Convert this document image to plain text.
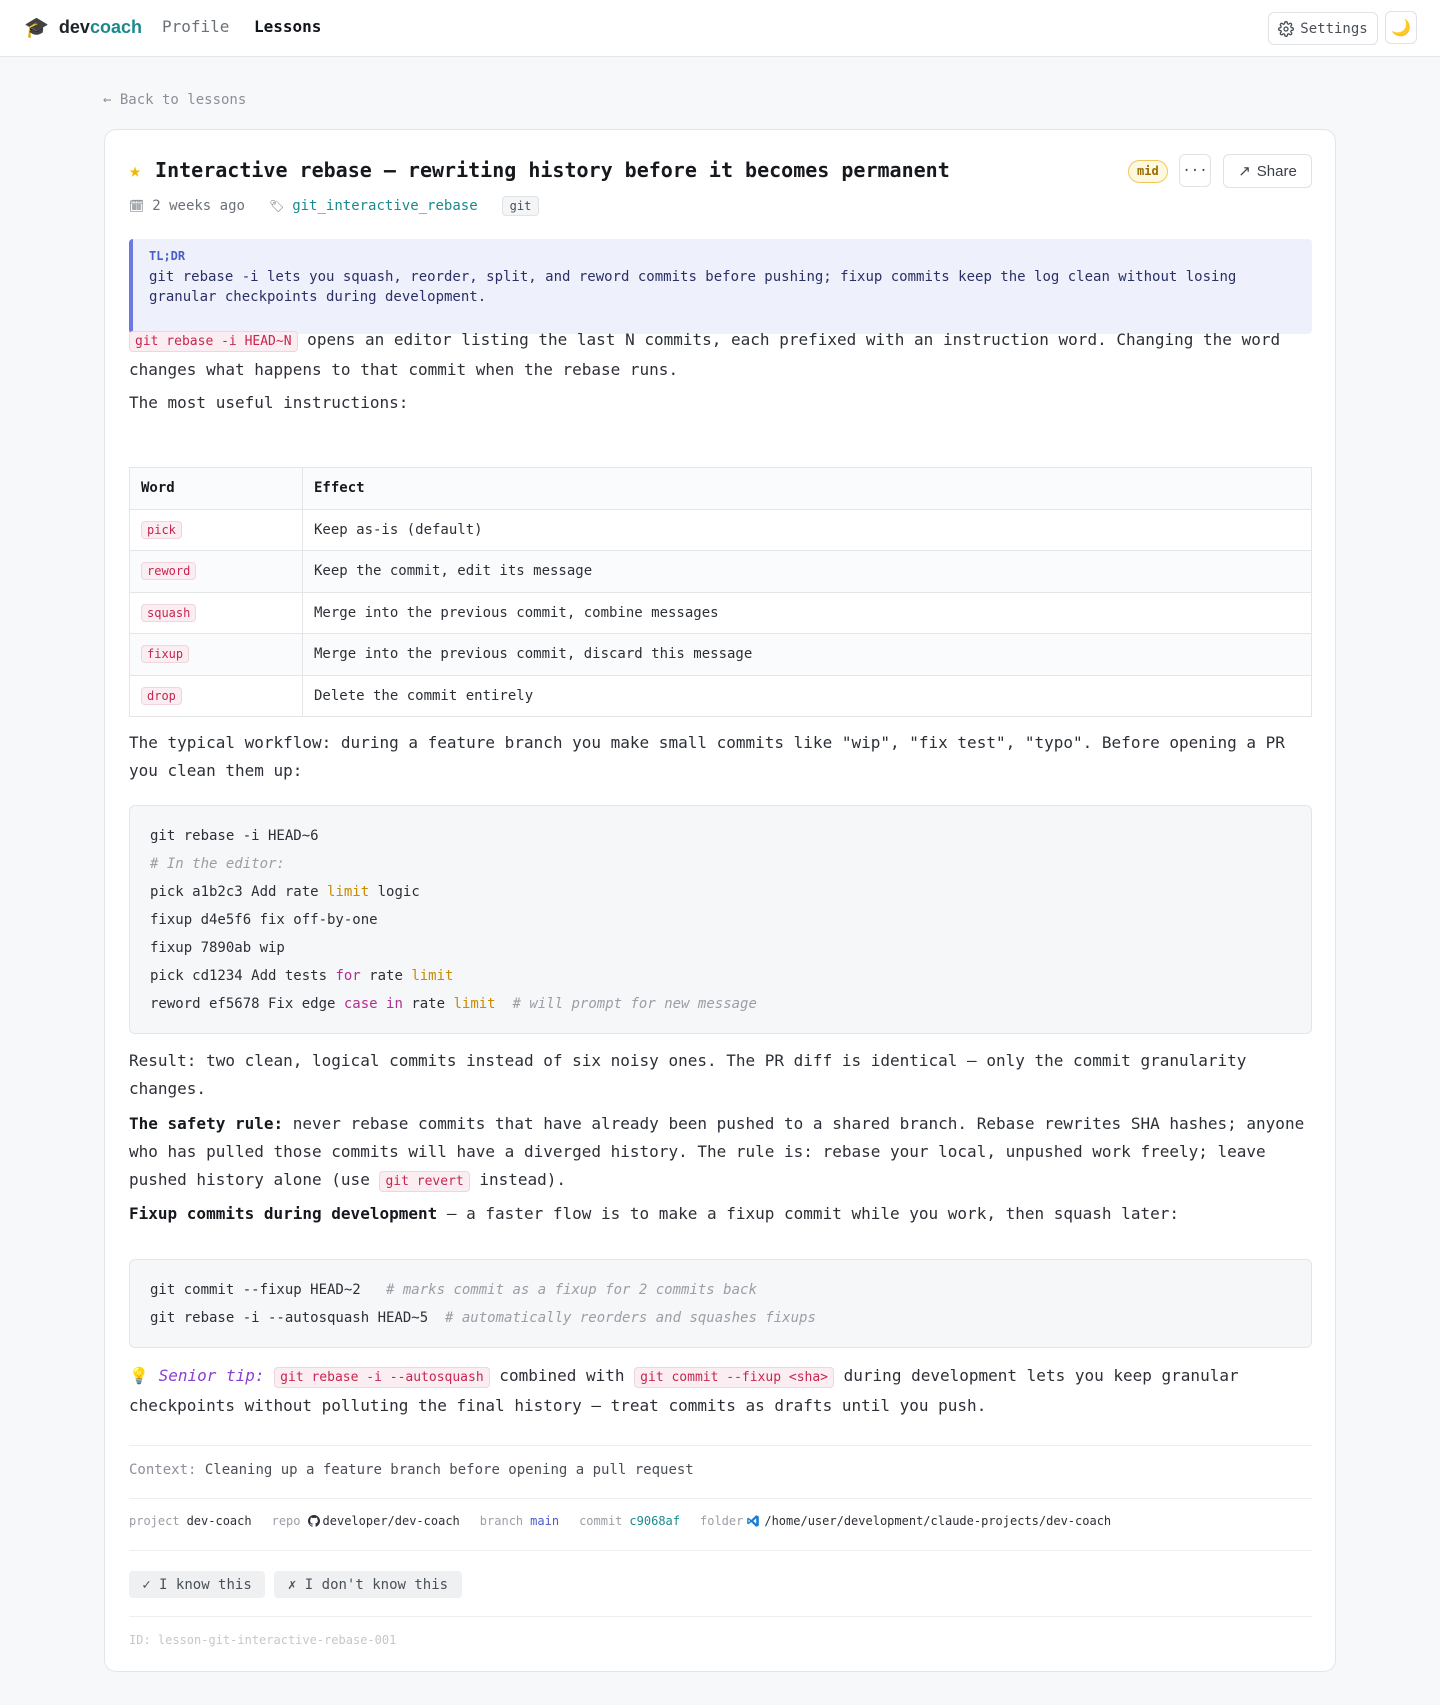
🎓 devcoach Profile Lessons	Settings 🌙
← Back to lessons
★ Interactive rebase — rewriting history before it becomes permanent	mid	··· ↗ Share
🗓 2 weeks ago 🏷 git_interactive_rebase	git
TL;DR
git rebase -i lets you squash, reorder, split, and reword commits before pushing; fixup commits keep the log clean without losing granular checkpoints during development.
git rebase -i HEAD~N opens an editor listing the last N commits, each prefixed with an instruction word. Changing the word changes what happens to that commit when the rebase runs.
The most useful instructions:
Word	Effect
pick	Keep as-is (default)
reword	Keep the commit, edit its message
squash	Merge into the previous commit, combine messages
fixup	Merge into the previous commit, discard this message
drop	Delete the commit entirely
The typical workflow: during a feature branch you make small commits like "wip", "fix test", "typo". Before opening a PR you clean them up:
git rebase -i HEAD~6
# In the editor:
pick a1b2c3 Add rate limit logic
fixup d4e5f6 fix off-by-one
fixup 7890ab wip
pick cd1234 Add tests for rate limit
reword ef5678 Fix edge case in rate limit # will prompt for new message
Result: two clean, logical commits instead of six noisy ones. The PR diff is identical — only the commit granularity changes.
The safety rule: never rebase commits that have already been pushed to a shared branch. Rebase rewrites SHA hashes; anyone who has pulled those commits will have a diverged history. The rule is: rebase your local, unpushed work freely; leave pushed history alone (use git revert instead).
Fixup commits during development — a faster flow is to make a fixup commit while you work, then squash later:
git commit --fixup HEAD~2 # marks commit as a fixup for 2 commits back
git rebase -i --autosquash HEAD~5 # automatically reorders and squashes fixups
💡 Senior tip: git rebase -i --autosquash combined with git commit --fixup <sha> during development lets you keep granular checkpoints without polluting the final history — treat commits as drafts until you push.
Context: Cleaning up a feature branch before opening a pull request
project dev-coach repo developer/dev-coach branch main commit c9068af folder /home/user/development/claude-projects/dev-coach
✓ I know this	✗ I don't know this
ID: lesson-git-interactive-rebase-001
